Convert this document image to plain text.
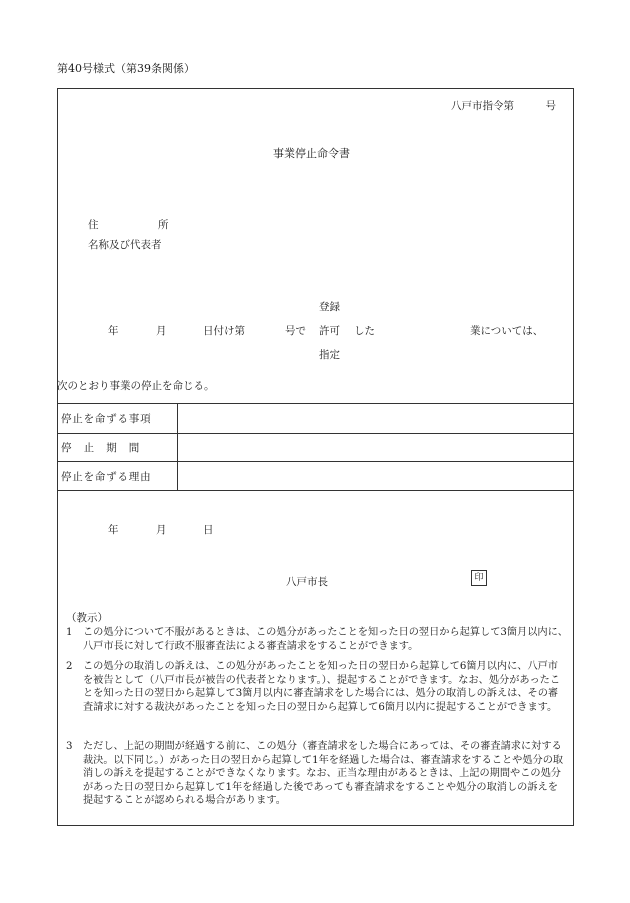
第40号様式（第39条関係）
八戸市指令第　　　号
事業停止命令書
住	所
名称及び代表者
登録
年	月	日付け第	号で 許可 した	業については、
指定
次のとおり事業の停止を命じる。
停止を命ずる事項
停　止　期　間
停止を命ずる理由
年	月	日
八戸市長	印
（教示）
1	この処分について不服があるときは、この処分があったことを知った日の翌日から起算して3箇月以内に、八戸市長に対して行政不服審査法による審査請求をすることができます。
2	この処分の取消しの訴えは、この処分があったことを知った日の翌日から起算して6箇月以内に、八戸市を被告として（八戸市長が被告の代表者となります。）、提起することができます。なお、処分があったことを知った日の翌日から起算して3箇月以内に審査請求をした場合には、処分の取消しの訴えは、その審査請求に対する裁決があったことを知った日の翌日から起算して6箇月以内に提起することができます。
3	ただし、上記の期間が経過する前に、この処分（審査請求をした場合にあっては、その審査請求に対する裁決。以下同じ。）があった日の翌日から起算して1年を経過した場合は、審査請求をすることや処分の取消しの訴えを提起することができなくなります。なお、正当な理由があるときは、上記の期間やこの処分があった日の翌日から起算して1年を経過した後であっても審査請求をすることや処分の取消しの訴えを提起することが認められる場合があります。
